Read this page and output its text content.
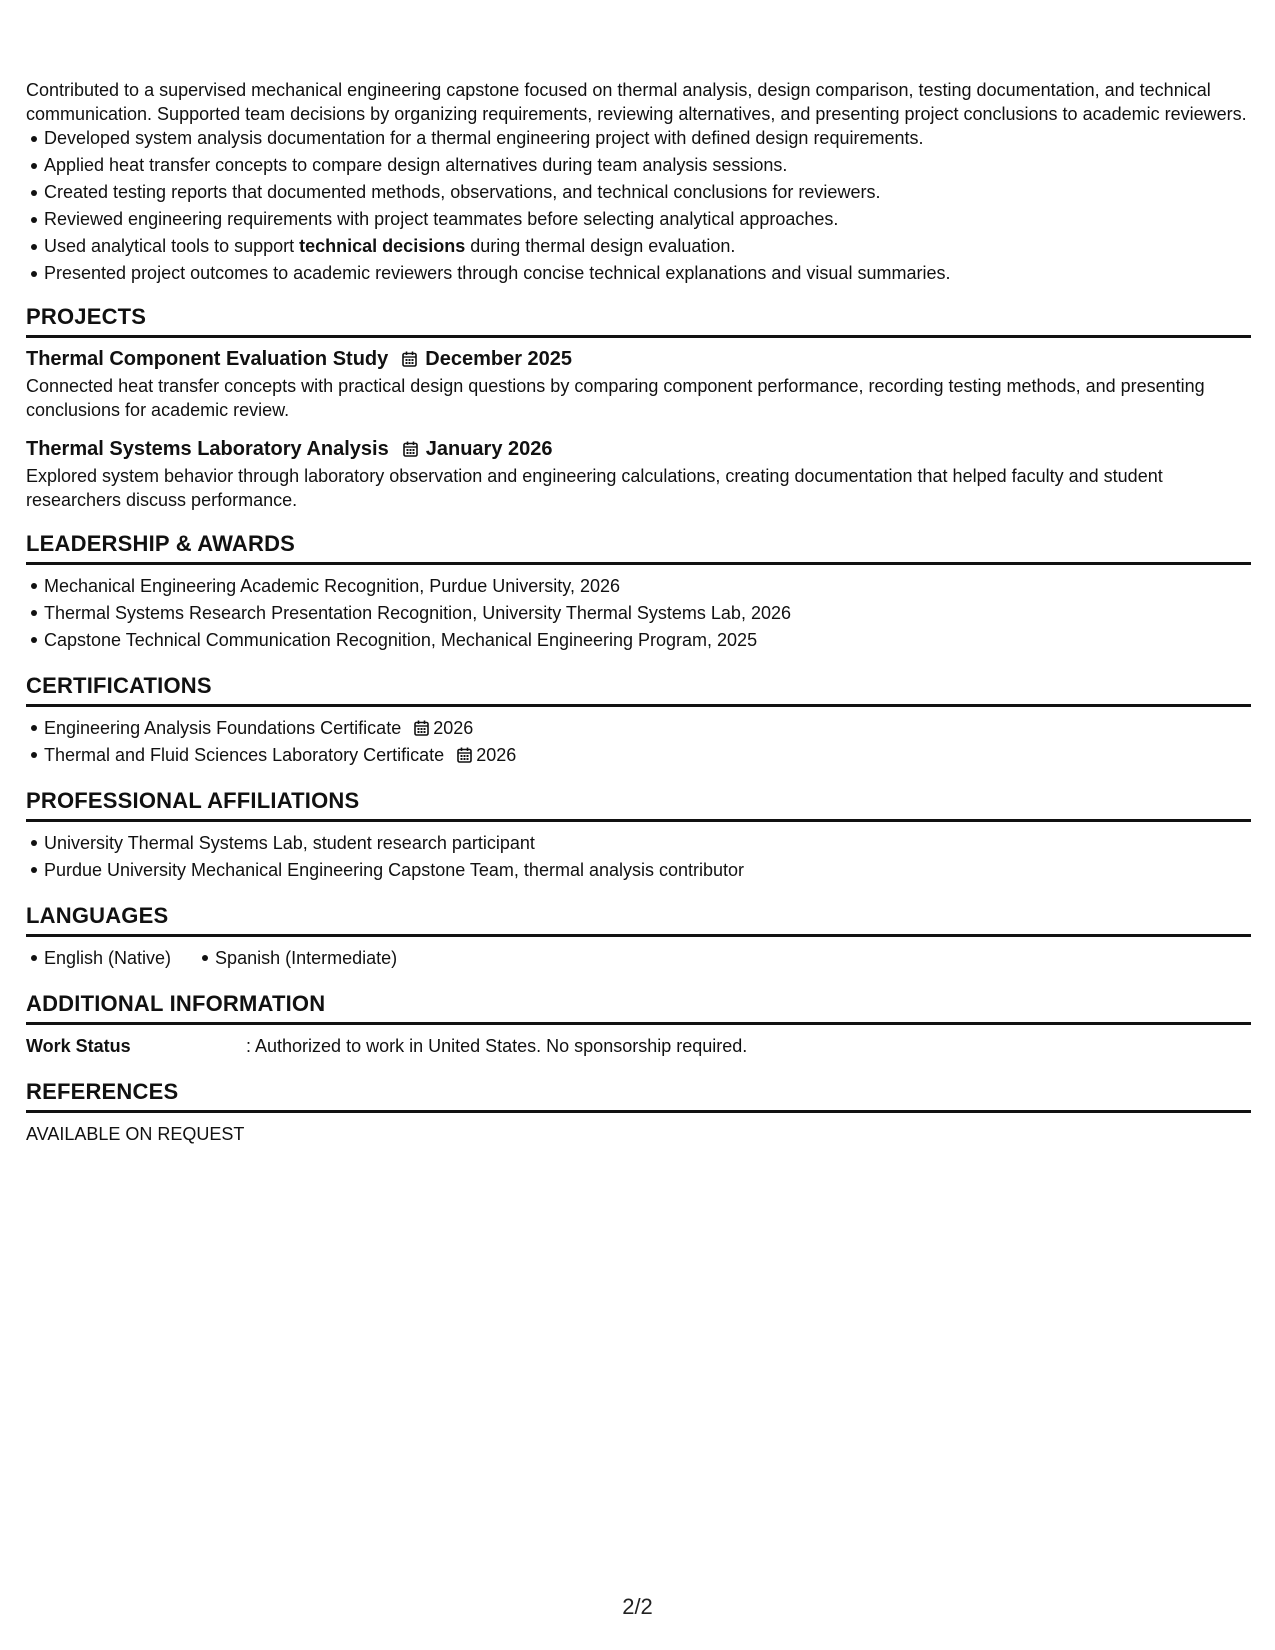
Contributed to a supervised mechanical engineering capstone focused on thermal analysis, design comparison, testing documentation, and technical communication. Supported team decisions by organizing requirements, reviewing alternatives, and presenting project conclusions to academic reviewers.

Developed system analysis documentation for a thermal engineering project with defined design requirements.
Applied heat transfer concepts to compare design alternatives during team analysis sessions.
Created testing reports that documented methods, observations, and technical conclusions for reviewers.
Reviewed engineering requirements with project teammates before selecting analytical approaches.
Used analytical tools to support technical decisions during thermal design evaluation.
Presented project outcomes to academic reviewers through concise technical explanations and visual summaries.
PROJECTS
Thermal Component Evaluation Study December 2025

Connected heat transfer concepts with practical design questions by comparing component performance, recording testing methods, and presenting conclusions for academic review.

Thermal Systems Laboratory Analysis January 2026

Explored system behavior through laboratory observation and engineering calculations, creating documentation that helped faculty and student researchers discuss performance.

LEADERSHIP & AWARDS
Mechanical Engineering Academic Recognition, Purdue University, 2026
Thermal Systems Research Presentation Recognition, University Thermal Systems Lab, 2026
Capstone Technical Communication Recognition, Mechanical Engineering Program, 2025
CERTIFICATIONS
Engineering Analysis Foundations Certificate 2026
Thermal and Fluid Sciences Laboratory Certificate 2026
PROFESSIONAL AFFILIATIONS
University Thermal Systems Lab, student research participant
Purdue University Mechanical Engineering Capstone Team, thermal analysis contributor
LANGUAGES
English (Native) Spanish (Intermediate)
ADDITIONAL INFORMATION
Work Status	: Authorized to work in United States. No sponsorship required.
REFERENCES
AVAILABLE ON REQUEST
2/2
